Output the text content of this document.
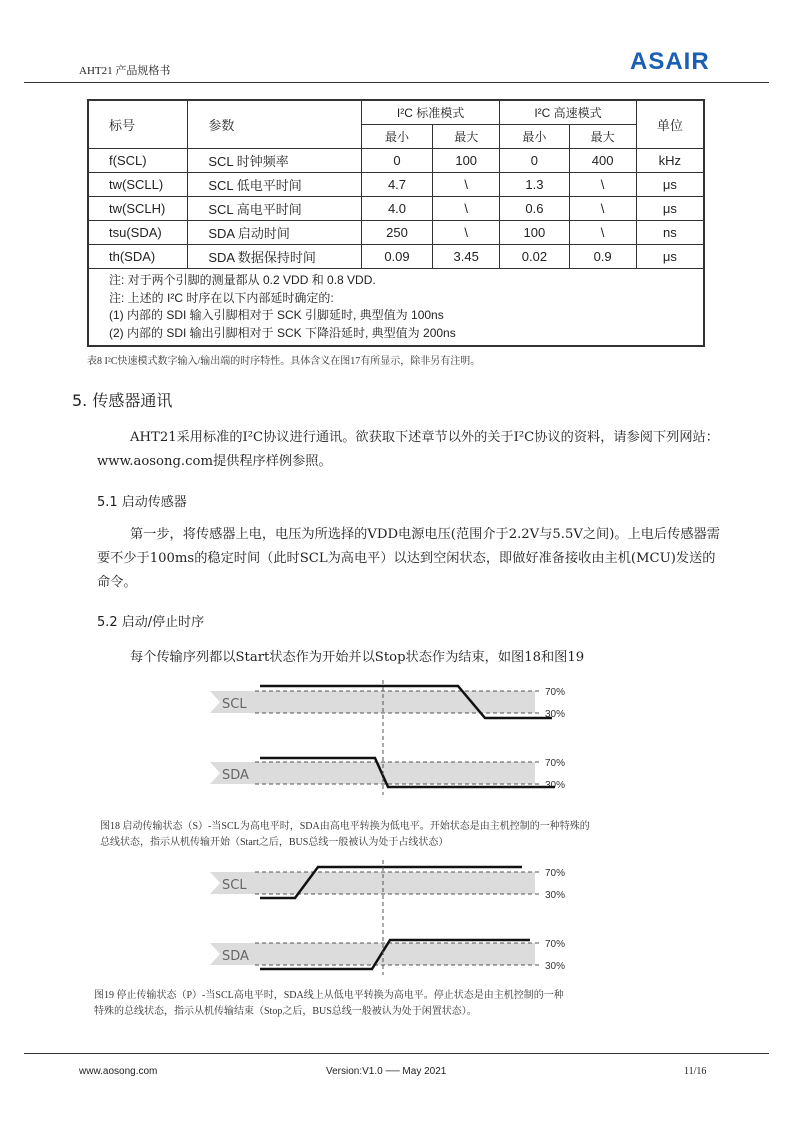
AHT21 产品规格书	ASAIR
标号	参数	I²C 标准模式		I²C 高速模式		单位
		最小	最大	最小	最大	
f(SCL)	SCL 时钟频率	0	100	0	400	kHz
tw(SCLL)	SCL 低电平时间	4.7	\	1.3	\	μs
tw(SCLH)	SCL 高电平时间	4.0	\	0.6	\	μs
tsu(SDA)	SDA 启动时间	250	\	100	\	ns
th(SDA)	SDA 数据保持时间	0.09	3.45	0.02	0.9	μs

注: 对于两个引脚的测量都从 0.2 VDD 和 0.8 VDD.
注: 上述的 I²C 时序在以下内部延时确定的:
(1) 内部的 SDI 输入引脚相对于 SCK 引脚延时, 典型值为 100ns
(2) 内部的 SDI 输出引脚相对于 SCK 下降沿延时, 典型值为 200ns						
表8 I²C快速模式数字输入/输出端的时序特性。具体含义在图17有所显示，除非另有注明。
5. 传感器通讯
AHT21采用标准的I²C协议进行通讯。欲获取下述章节以外的关于I²C协议的资料，请参阅下列网站：www.aosong.com提供程序样例参照。
5.1 启动传感器
第一步，将传感器上电，电压为所选择的VDD电源电压(范围介于2.2V与5.5V之间)。上电后传感器需要不少于100ms的稳定时间（此时SCL为高电平）以达到空闲状态，即做好准备接收由主机(MCU)发送的命令。
5.2 启动/停止时序
每个传输序列都以Start状态作为开始并以Stop状态作为结束，如图18和图19
SCL
70%
30%
SDA
70%
30%
图18 启动传输状态（S）-当SCL为高电平时，SDA由高电平转换为低电平。开始状态是由主机控制的一种特殊的
总线状态，指示从机传输开始（Start之后，BUS总线一般被认为处于占线状态）
SCL
70%
30%
SDA
70%
30%
图19 停止传输状态（P）-当SCL高电平时，SDA线上从低电平转换为高电平。停止状态是由主机控制的一种
特殊的总线状态，指示从机传输结束（Stop之后，BUS总线一般被认为处于闲置状态）。
www.aosong.com	Version:V1.0 ── May 2021	11/16
